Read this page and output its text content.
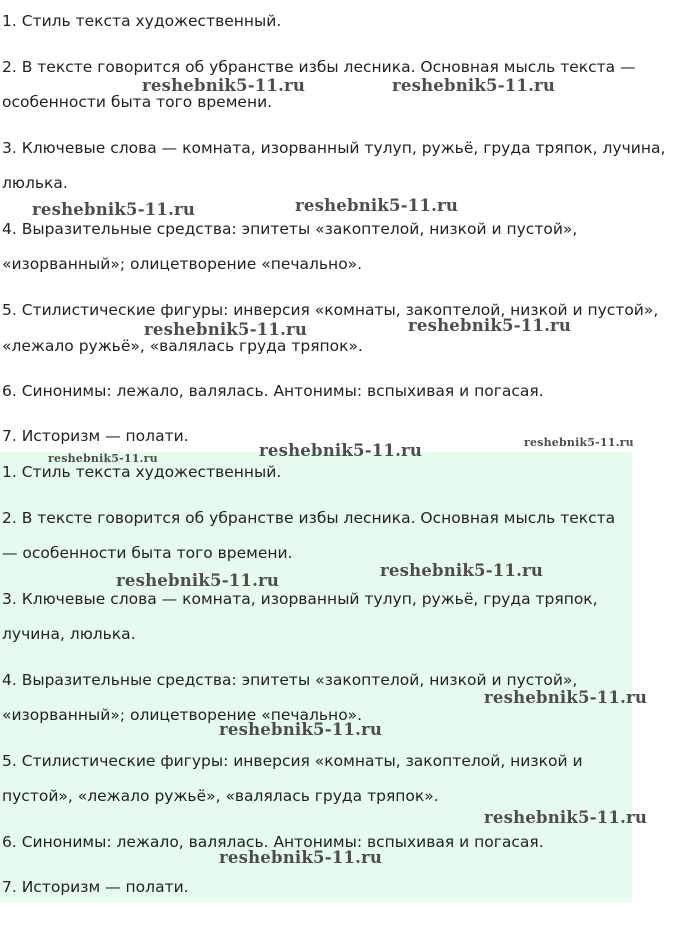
1. Стиль текста художественный.
2. В тексте говорится об убранстве избы лесника. Основная мысль текста —
особенности быта того времени.
3. Ключевые слова — комната, изорванный тулуп, ружьё, груда тряпок, лучина,
люлька.
4. Выразительные средства: эпитеты «закоптелой, низкой и пустой»,
«изорванный»; олицетворение «печально».
5. Стилистические фигуры: инверсия «комнаты, закоптелой, низкой и пустой»,
«лежало ружьё», «валялась груда тряпок».
6. Синонимы: лежало, валялась. Антонимы: вспыхивая и погасая.
7. Историзм — полати.
1. Стиль текста художественный.
2. В тексте говорится об убранстве избы лесника. Основная мысль текста
— особенности быта того времени.
3. Ключевые слова — комната, изорванный тулуп, ружьё, груда тряпок,
лучина, люлька.
4. Выразительные средства: эпитеты «закоптелой, низкой и пустой»,
«изорванный»; олицетворение «печально».
5. Стилистические фигуры: инверсия «комнаты, закоптелой, низкой и
пустой», «лежало ружьё», «валялась груда тряпок».
6. Синонимы: лежало, валялась. Антонимы: вспыхивая и погасая.
7. Историзм — полати.
reshebnik5-11.ru	reshebnik5-11.ru
reshebnik5-11.ru	reshebnik5-11.ru
reshebnik5-11.ru	reshebnik5-11.ru
reshebnik5-11.ru	reshebnik5-11.ru
reshebnik5-11.ru
reshebnik5-11.ru
reshebnik5-11.ru
reshebnik5-11.ru
reshebnik5-11.ru
reshebnik5-11.ru
reshebnik5-11.ru
